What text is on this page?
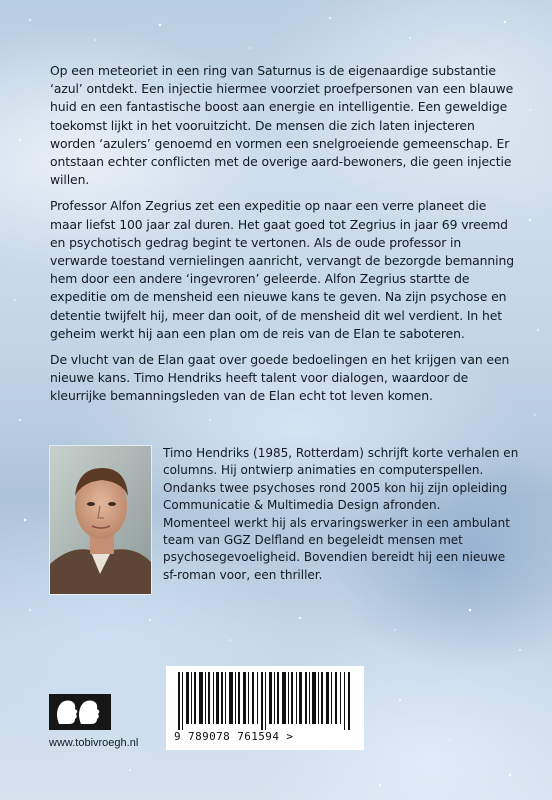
Op een meteoriet in een ring van Saturnus is de eigenaardige substantie ‘azul’ ontdekt. Een injectie hiermee voorziet proefpersonen van een blauwe huid en een fantastische boost aan energie en intelligentie. Een geweldige toekomst lijkt in het vooruitzicht. De mensen die zich laten injecteren worden ‘azulers’ genoemd en vormen een snelgroeiende gemeenschap. Er ontstaan echter conflicten met de overige aard-bewoners, die geen injectie willen.

Professor Alfon Zegrius zet een expeditie op naar een verre planeet die maar liefst 100 jaar zal duren. Het gaat goed tot Zegrius in jaar 69 vreemd en psychotisch gedrag begint te vertonen. Als de oude professor in verwarde toestand vernielingen aanricht, vervangt de bezorgde bemanning hem door een andere ‘ingevroren’ geleerde. Alfon Zegrius startte de expeditie om de mensheid een nieuwe kans te geven. Na zijn psychose en detentie twijfelt hij, meer dan ooit, of de mensheid dit wel verdient. In het geheim werkt hij aan een plan om de reis van de Elan te saboteren.

De vlucht van de Elan gaat over goede bedoelingen en het krijgen van een nieuwe kans. Timo Hendriks heeft talent voor dialogen, waardoor de kleurrijke bemanningsleden van de Elan echt tot leven komen.

Timo Hendriks (1985, Rotterdam) schrijft korte verhalen en columns. Hij ontwierp animaties en computerspellen. Ondanks twee psychoses rond 2005 kon hij zijn opleiding Communicatie & Multimedia Design afronden.

Momenteel werkt hij als ervaringswerker in een ambulant team van GGZ Delfland en begeleidt mensen met psychosegevoeligheid. Bovendien bereidt hij een nieuwe sf-roman voor, een thriller.

www.tobivroegh.nl	9 789078 761594 >
